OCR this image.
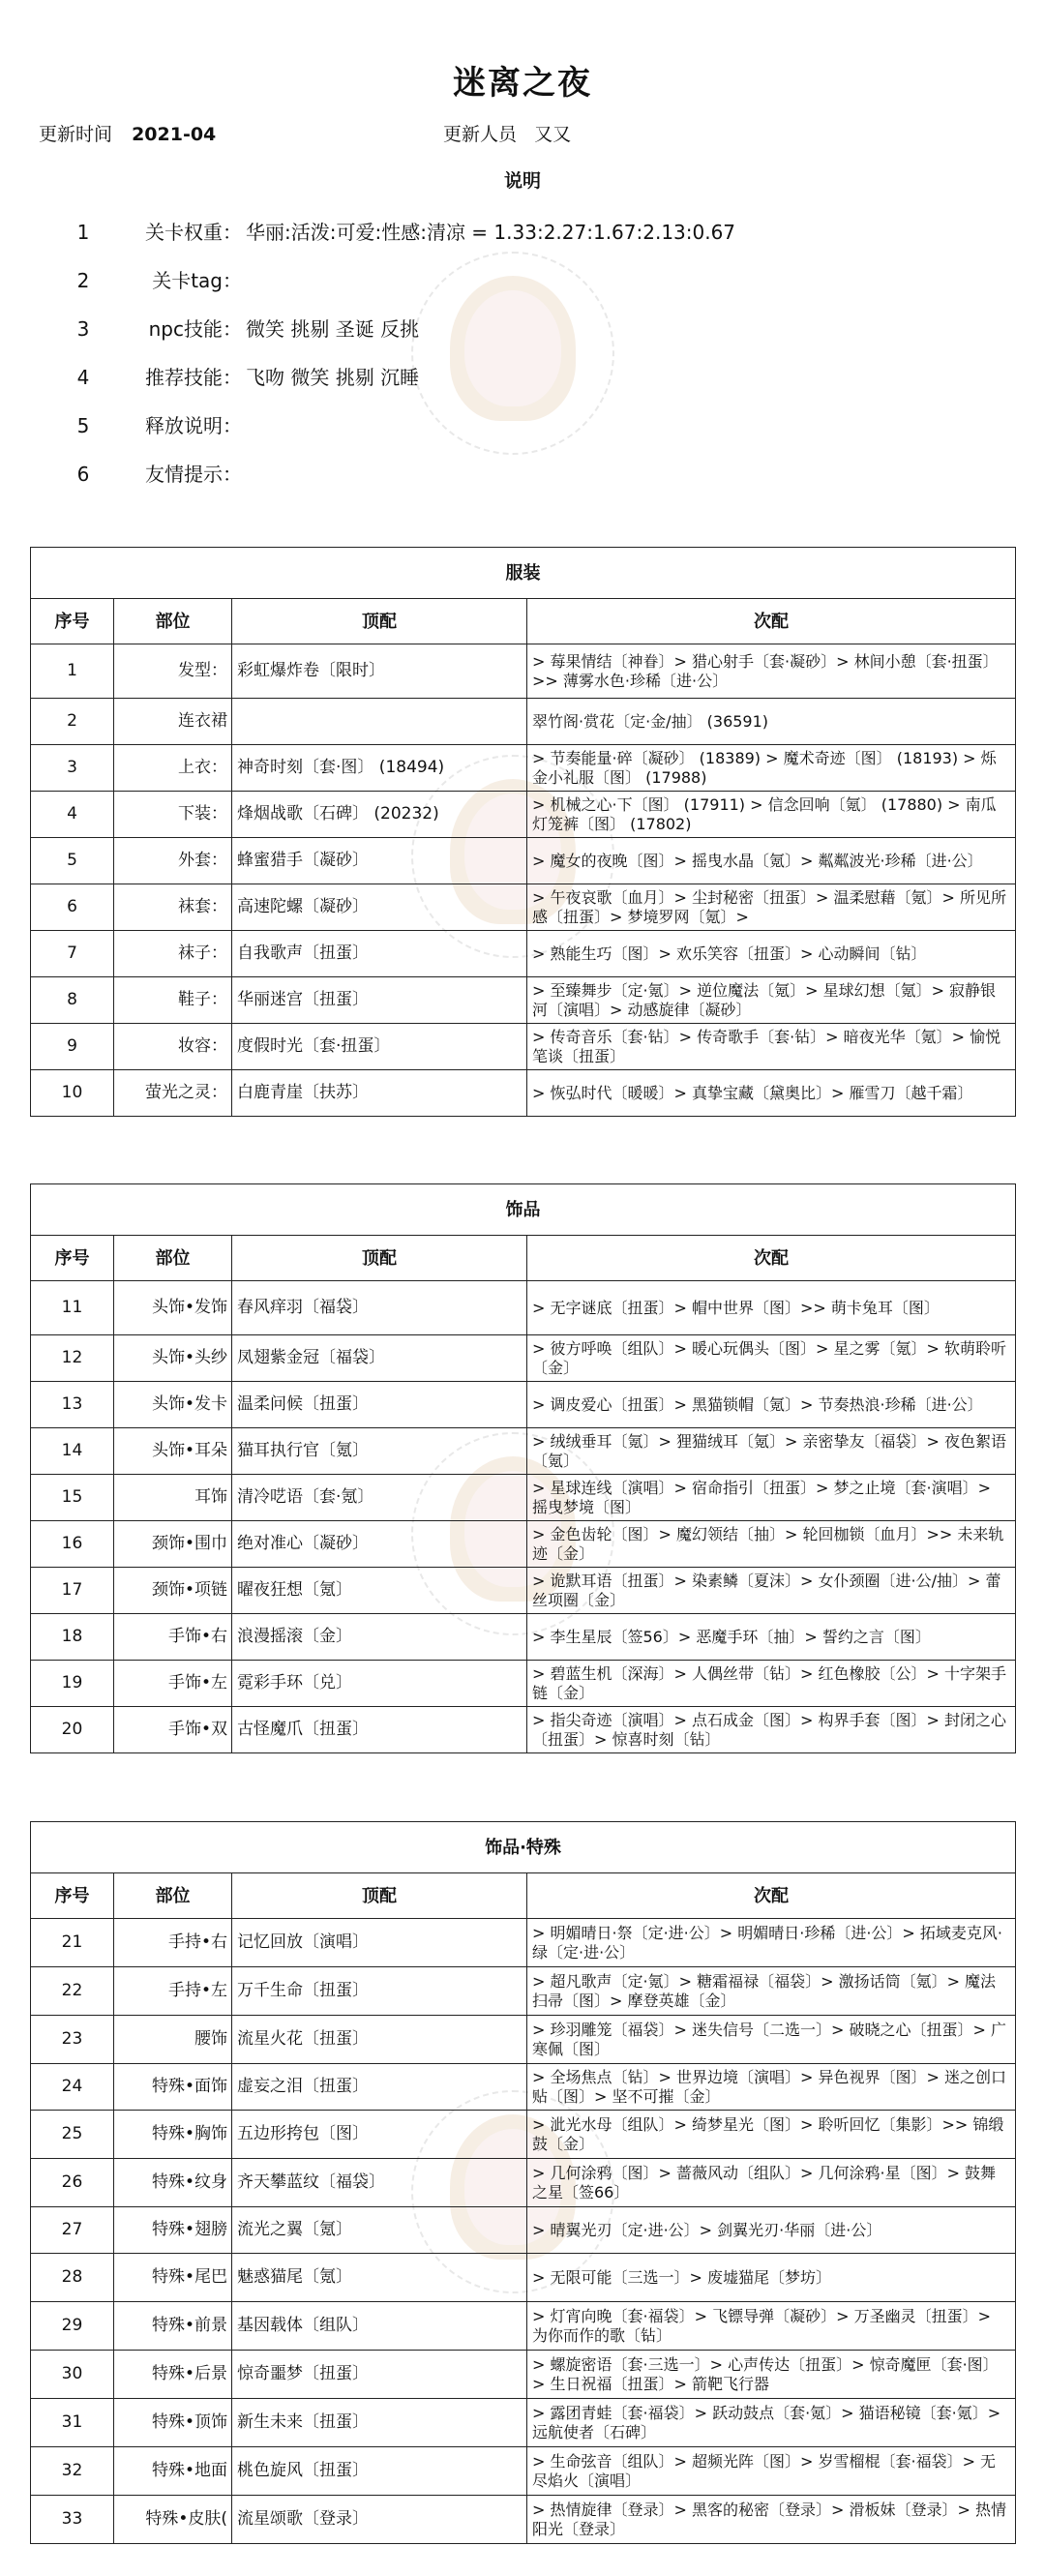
迷离之夜
更新时间 2021-04	更新人员 又又
说明
1	关卡权重： 华丽:活泼:可爱:性感:清凉 = 1.33:2.27:1.67:2.13:0.67
2	关卡tag：
3	npc技能： 微笑 挑剔 圣诞 反挑
4	推荐技能： 飞吻 微笑 挑剔 沉睡
5	释放说明：
6	友情提示：
服装			
序号	部位	顶配	次配
1	发型：	彩虹爆炸卷〔限时〕	> 莓果情结〔神眷〕> 猎心射手〔套·凝砂〕> 林间小憩〔套·扭蛋〕>> 薄雾水色·珍稀〔进·公〕
2	连衣裙		翠竹阁·赏花〔定·金/抽〕 (36591)
3	上衣：	神奇时刻〔套·图〕 (18494)	> 节奏能量·碎〔凝砂〕 (18389) > 魔术奇迹〔图〕 (18193) > 烁金小礼服〔图〕 (17988)
4	下装：	烽烟战歌〔石碑〕 (20232)	> 机械之心·下〔图〕 (17911) > 信念回响〔氪〕 (17880) > 南瓜灯笼裤〔图〕 (17802)
5	外套：	蜂蜜猎手〔凝砂〕	> 魔女的夜晚〔图〕> 摇曳水晶〔氪〕> 粼粼波光·珍稀〔进·公〕
6	袜套：	高速陀螺〔凝砂〕	> 午夜哀歌〔血月〕> 尘封秘密〔扭蛋〕> 温柔慰藉〔氪〕> 所见所感〔扭蛋〕> 梦境罗网〔氪〕>
7	袜子：	自我歌声〔扭蛋〕	> 熟能生巧〔图〕> 欢乐笑容〔扭蛋〕> 心动瞬间〔钻〕
8	鞋子：	华丽迷宫〔扭蛋〕	> 至臻舞步〔定·氪〕> 逆位魔法〔氪〕> 星球幻想〔氪〕> 寂静银河〔演唱〕> 动感旋律〔凝砂〕
9	妆容：	度假时光〔套·扭蛋〕	> 传奇音乐〔套·钻〕> 传奇歌手〔套·钻〕> 暗夜光华〔氪〕> 愉悦笔谈〔扭蛋〕
10	萤光之灵：	白鹿青崖〔扶苏〕	> 恢弘时代〔暖暖〕> 真挚宝藏〔黛奥比〕> 雁雪刀〔越千霜〕
饰品			
序号	部位	顶配	次配
11	头饰•发饰	春风痒羽〔福袋〕	> 无字谜底〔扭蛋〕> 帽中世界〔图〕>> 萌卡兔耳〔图〕
12	头饰•头纱	凤翅紫金冠〔福袋〕	> 彼方呼唤〔组队〕> 暖心玩偶头〔图〕> 星之雾〔氪〕> 软萌聆听〔金〕
13	头饰•发卡	温柔问候〔扭蛋〕	> 调皮爱心〔扭蛋〕> 黑猫锁帽〔氪〕> 节奏热浪·珍稀〔进·公〕
14	头饰•耳朵	猫耳执行官〔氪〕	> 绒绒垂耳〔氪〕> 狸猫绒耳〔氪〕> 亲密挚友〔福袋〕> 夜色絮语〔氪〕
15	耳饰	清冷呓语〔套·氪〕	> 星球连线〔演唱〕> 宿命指引〔扭蛋〕> 梦之止境〔套·演唱〕> 摇曳梦境〔图〕
16	颈饰•围巾	绝对准心〔凝砂〕	> 金色齿轮〔图〕> 魔幻领结〔抽〕> 轮回枷锁〔血月〕>> 未来轨迹〔金〕
17	颈饰•项链	曜夜狂想〔氪〕	> 诡默耳语〔扭蛋〕> 染素鳞〔夏沫〕> 女仆颈圈〔进·公/抽〕> 蕾丝项圈〔金〕
18	手饰•右	浪漫摇滚〔金〕	> 李生星辰〔签56〕> 恶魔手环〔抽〕> 誓约之言〔图〕
19	手饰•左	霓彩手环〔兑〕	> 碧蓝生机〔深海〕> 人偶丝带〔钻〕> 红色橡胶〔公〕> 十字架手链〔金〕
20	手饰•双	古怪魔爪〔扭蛋〕	> 指尖奇迹〔演唱〕> 点石成金〔图〕> 构界手套〔图〕> 封闭之心〔扭蛋〕> 惊喜时刻〔钻〕
饰品·特殊			
序号	部位	顶配	次配
21	手持•右	记忆回放〔演唱〕	> 明媚晴日·祭〔定·进·公〕> 明媚晴日·珍稀〔进·公〕> 拓域麦克风·绿〔定·进·公〕
22	手持•左	万千生命〔扭蛋〕	> 超凡歌声〔定·氪〕> 糖霜福禄〔福袋〕> 激扬话筒〔氪〕> 魔法扫帚〔图〕> 摩登英雄〔金〕
23	腰饰	流星火花〔扭蛋〕	> 珍羽雕笼〔福袋〕> 迷失信号〔二选一〕> 破晓之心〔扭蛋〕> 广寒佩〔图〕
24	特殊•面饰	虚妄之泪〔扭蛋〕	> 全场焦点〔钻〕> 世界边境〔演唱〕> 异色视界〔图〕> 迷之创口贴〔图〕> 坚不可摧〔金〕
25	特殊•胸饰	五边形挎包〔图〕	> 泚光水母〔组队〕> 绮梦星光〔图〕> 聆听回忆〔集影〕>> 锦缎鼓〔金〕
26	特殊•纹身	齐天攀蓝纹〔福袋〕	> 几何涂鸦〔图〕> 蔷薇风动〔组队〕> 几何涂鸦·星〔图〕> 鼓舞之星〔签66〕
27	特殊•翅膀	流光之翼〔氪〕	> 晴翼光刃〔定·进·公〕> 剑翼光刃·华丽〔进·公〕
28	特殊•尾巴	魅惑猫尾〔氪〕	> 无限可能〔三选一〕> 废墟猫尾〔梦坊〕
29	特殊•前景	基因载体〔组队〕	> 灯宵向晚〔套·福袋〕> 飞镖导弹〔凝砂〕> 万圣幽灵〔扭蛋〕> 为你而作的歌〔钻〕
30	特殊•后景	惊奇噩梦〔扭蛋〕	> 螺旋密语〔套·三选一〕> 心声传达〔扭蛋〕> 惊奇魔匣〔套·图〕> 生日祝福〔扭蛋〕> 箭靶飞行器
31	特殊•顶饰	新生未来〔扭蛋〕	> 露团青蛙〔套·福袋〕> 跃动鼓点〔套·氪〕> 猫语秘镜〔套·氪〕> 远航使者〔石碑〕
32	特殊•地面	桃色旋风〔扭蛋〕	> 生命弦音〔组队〕> 超频光阵〔图〕> 岁雪榴棍〔套·福袋〕> 无尽焰火〔演唱〕
33	特殊•皮肤(	流星颂歌〔登录〕	> 热情旋律〔登录〕> 黑客的秘密〔登录〕> 滑板妹〔登录〕> 热情阳光〔登录〕
